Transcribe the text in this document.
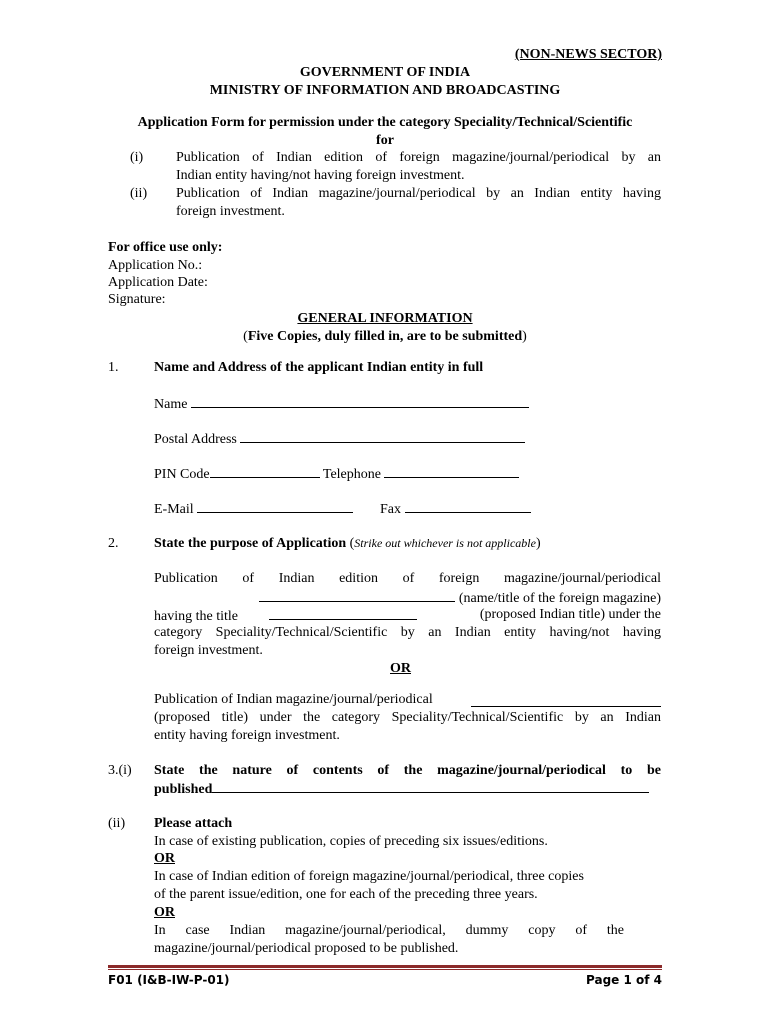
(NON-NEWS SECTOR)
GOVERNMENT OF INDIA
MINISTRY OF INFORMATION AND BROADCASTING
Application Form for permission under the category Speciality/Technical/Scientific
for
(i) Publication of Indian edition of foreign magazine/journal/periodical by an
Indian entity having/not having foreign investment.
(ii) Publication of Indian magazine/journal/periodical by an Indian entity having
foreign investment.
For office use only:
Application No.:
Application Date:
Signature:
GENERAL INFORMATION
(Five Copies, duly filled in, are to be submitted)
1.	Name and Address of the applicant Indian entity in full
Name
Postal Address
PIN Code	Telephone
E-Mail	Fax
2.	State the purpose of Application (Strike out whichever is not applicable)
Publication of Indian edition of foreign magazine/journal/periodical
(name/title of the foreign magazine)
having the title	(proposed Indian title) under the
category Speciality/Technical/Scientific by an Indian entity having/not having
foreign investment.
OR
Publication of Indian magazine/journal/periodical
(proposed title) under the category Speciality/Technical/Scientific by an Indian
entity having foreign investment.
3.(i) State the nature of contents of the magazine/journal/periodical to be
published
(ii) Please attach
In case of existing publication, copies of preceding six issues/editions.
OR
In case of Indian edition of foreign magazine/journal/periodical, three copies
of the parent issue/edition, one for each of the preceding three years.
OR
In case Indian magazine/journal/periodical, dummy copy of the
magazine/journal/periodical proposed to be published.
F01 (I&B-IW-P-01)	Page 1 of 4
